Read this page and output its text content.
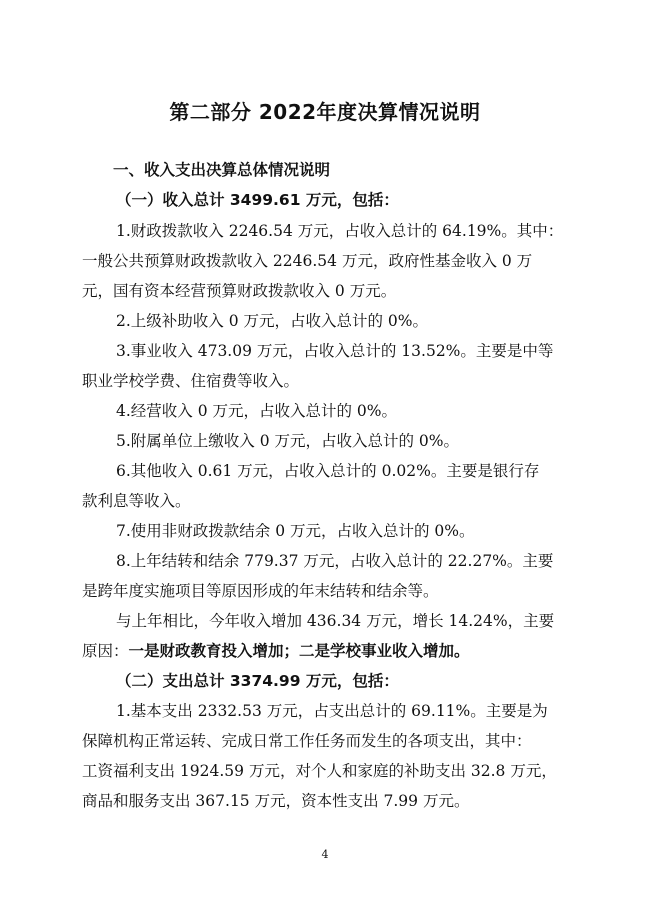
第二部分 2022年度决算情况说明
一、收入支出决算总体情况说明
（一）收入总计 3499.61 万元，包括：
1.财政拨款收入 2246.54 万元，占收入总计的 64.19%。其中：
一般公共预算财政拨款收入 2246.54 万元，政府性基金收入 0 万
元，国有资本经营预算财政拨款收入 0 万元。
2.上级补助收入 0 万元，占收入总计的 0%。
3.事业收入 473.09 万元，占收入总计的 13.52%。主要是中等
职业学校学费、住宿费等收入。
4.经营收入 0 万元，占收入总计的 0%。
5.附属单位上缴收入 0 万元，占收入总计的 0%。
6.其他收入 0.61 万元，占收入总计的 0.02%。主要是银行存
款利息等收入。
7.使用非财政拨款结余 0 万元，占收入总计的 0%。
8.上年结转和结余 779.37 万元，占收入总计的 22.27%。主要
是跨年度实施项目等原因形成的年末结转和结余等。
与上年相比，今年收入增加 436.34 万元，增长 14.24%，主要
原因：一是财政教育投入增加；二是学校事业收入增加。
（二）支出总计 3374.99 万元，包括：
1.基本支出 2332.53 万元，占支出总计的 69.11%。主要是为
保障机构正常运转、完成日常工作任务而发生的各项支出，其中：
工资福利支出 1924.59 万元，对个人和家庭的补助支出 32.8 万元，
商品和服务支出 367.15 万元，资本性支出 7.99 万元。
4
